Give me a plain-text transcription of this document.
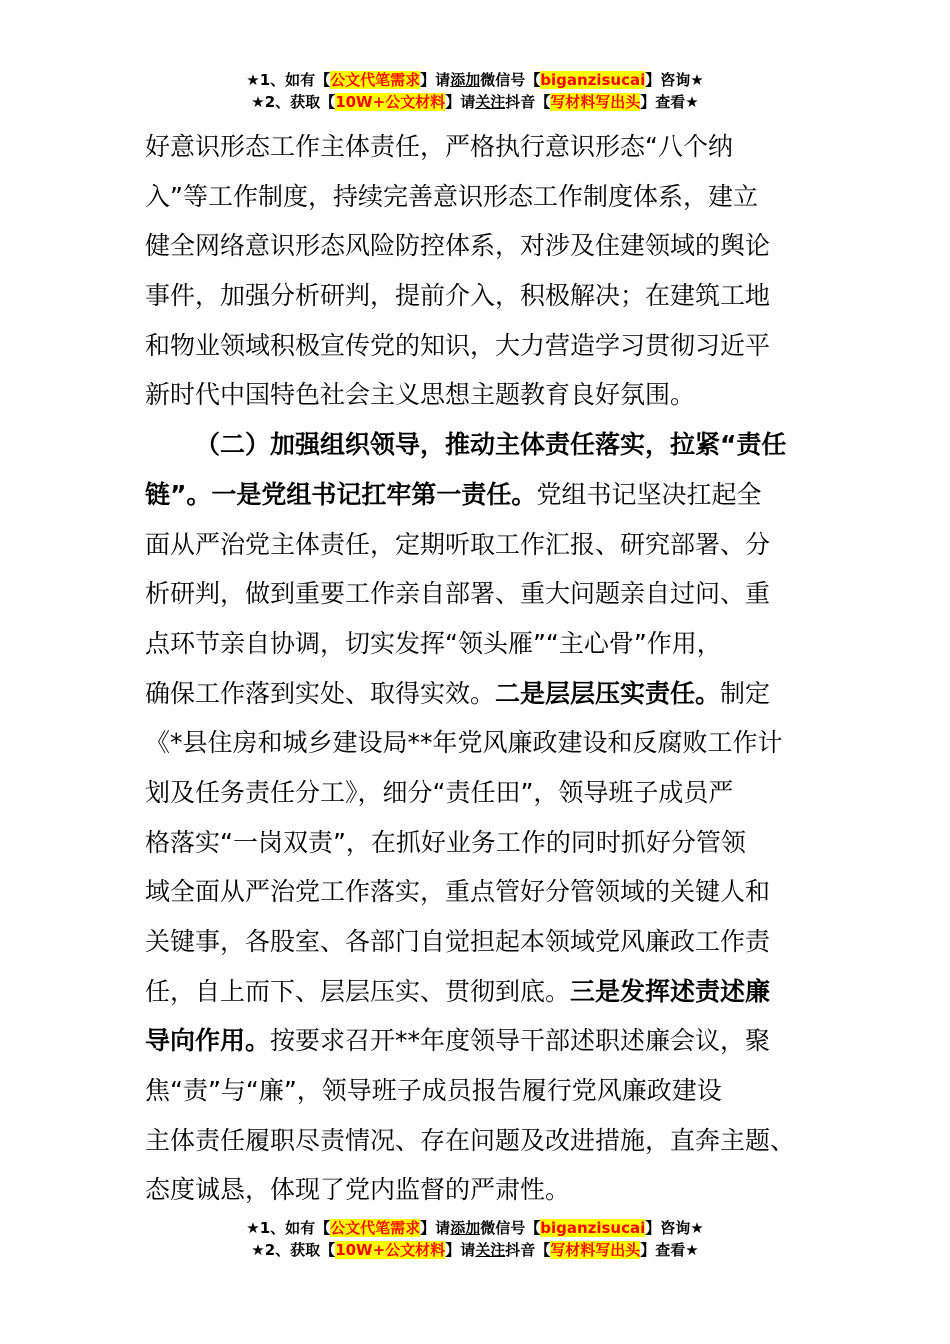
★1、如有【公文代笔需求】请添加微信号【biganzisucai】咨询★
★2、获取【10W+公文材料】请关注抖音【写材料写出头】查看★
好意识形态工作主体责任，严格执行意识形态“八个纳
入”等工作制度，持续完善意识形态工作制度体系，建立
健全网络意识形态风险防控体系，对涉及住建领域的舆论
事件，加强分析研判，提前介入，积极解决；在建筑工地
和物业领域积极宣传党的知识，大力营造学习贯彻习近平
新时代中国特色社会主义思想主题教育良好氛围。
（二）加强组织领导，推动主体责任落实，拉紧“责任
链”。一是党组书记扛牢第一责任。党组书记坚决扛起全
面从严治党主体责任，定期听取工作汇报、研究部署、分
析研判，做到重要工作亲自部署、重大问题亲自过问、重
点环节亲自协调，切实发挥“领头雁”“主心骨”作用，
确保工作落到实处、取得实效。二是层层压实责任。制定
《*县住房和城乡建设局**年党风廉政建设和反腐败工作计
划及任务责任分工》，细分“责任田”，领导班子成员严
格落实“一岗双责”，在抓好业务工作的同时抓好分管领
域全面从严治党工作落实，重点管好分管领域的关键人和
关键事，各股室、各部门自觉担起本领域党风廉政工作责
任，自上而下、层层压实、贯彻到底。三是发挥述责述廉
导向作用。按要求召开**年度领导干部述职述廉会议，聚
焦“责”与“廉”，领导班子成员报告履行党风廉政建设
主体责任履职尽责情况、存在问题及改进措施，直奔主题、
态度诚恳，体现了党内监督的严肃性。
★1、如有【公文代笔需求】请添加微信号【biganzisucai】咨询★
★2、获取【10W+公文材料】请关注抖音【写材料写出头】查看★
